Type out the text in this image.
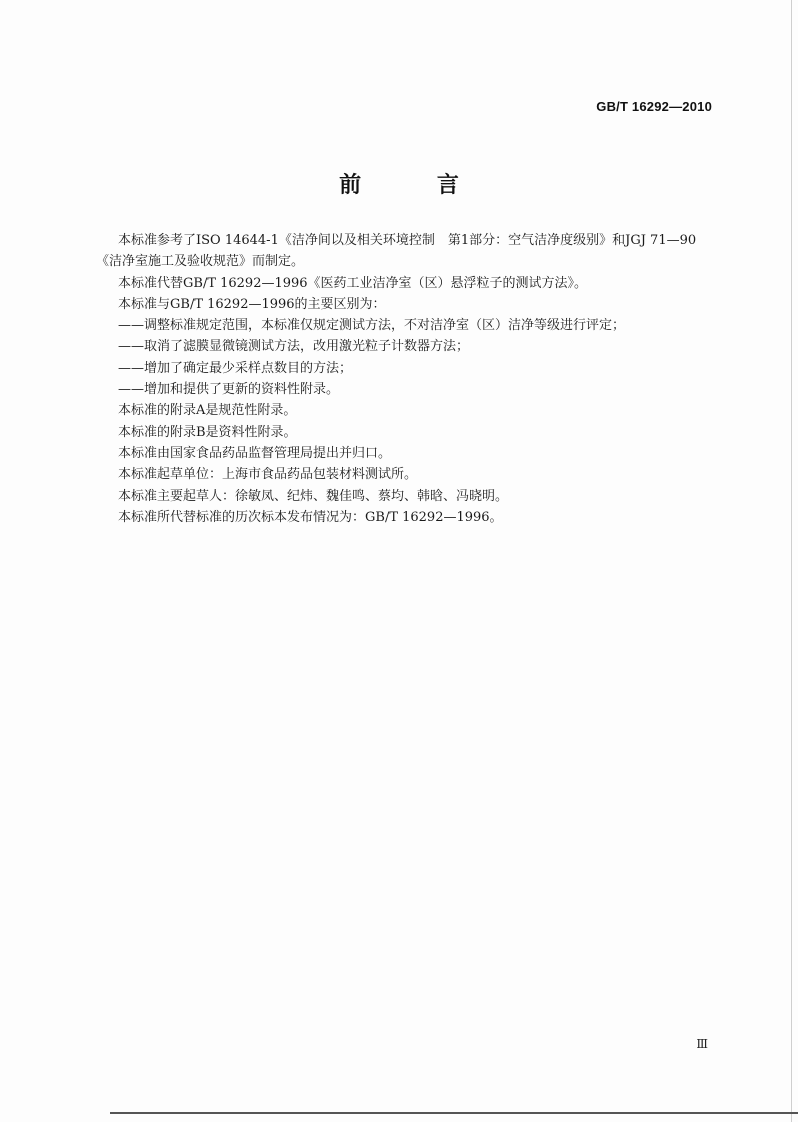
GB/T 16292—2010
前 言

本标准参考了ISO 14644-1《洁净间以及相关环境控制　第1部分：空气洁净度级别》和JGJ 71—90

《洁净室施工及验收规范》而制定。

本标准代替GB/T 16292—1996《医药工业洁净室（区）悬浮粒子的测试方法》。

本标准与GB/T 16292—1996的主要区别为：

——调整标准规定范围，本标准仅规定测试方法，不对洁净室（区）洁净等级进行评定；

——取消了滤膜显微镜测试方法，改用激光粒子计数器方法；

——增加了确定最少采样点数目的方法；

——增加和提供了更新的资料性附录。

本标准的附录A是规范性附录。

本标准的附录B是资料性附录。

本标准由国家食品药品监督管理局提出并归口。

本标准起草单位：上海市食品药品包装材料测试所。

本标准主要起草人：徐敏凤、纪炜、魏佳鸣、蔡均、韩晗、冯晓明。

本标准所代替标准的历次标本发布情况为：GB/T 16292—1996。

Ⅲ
